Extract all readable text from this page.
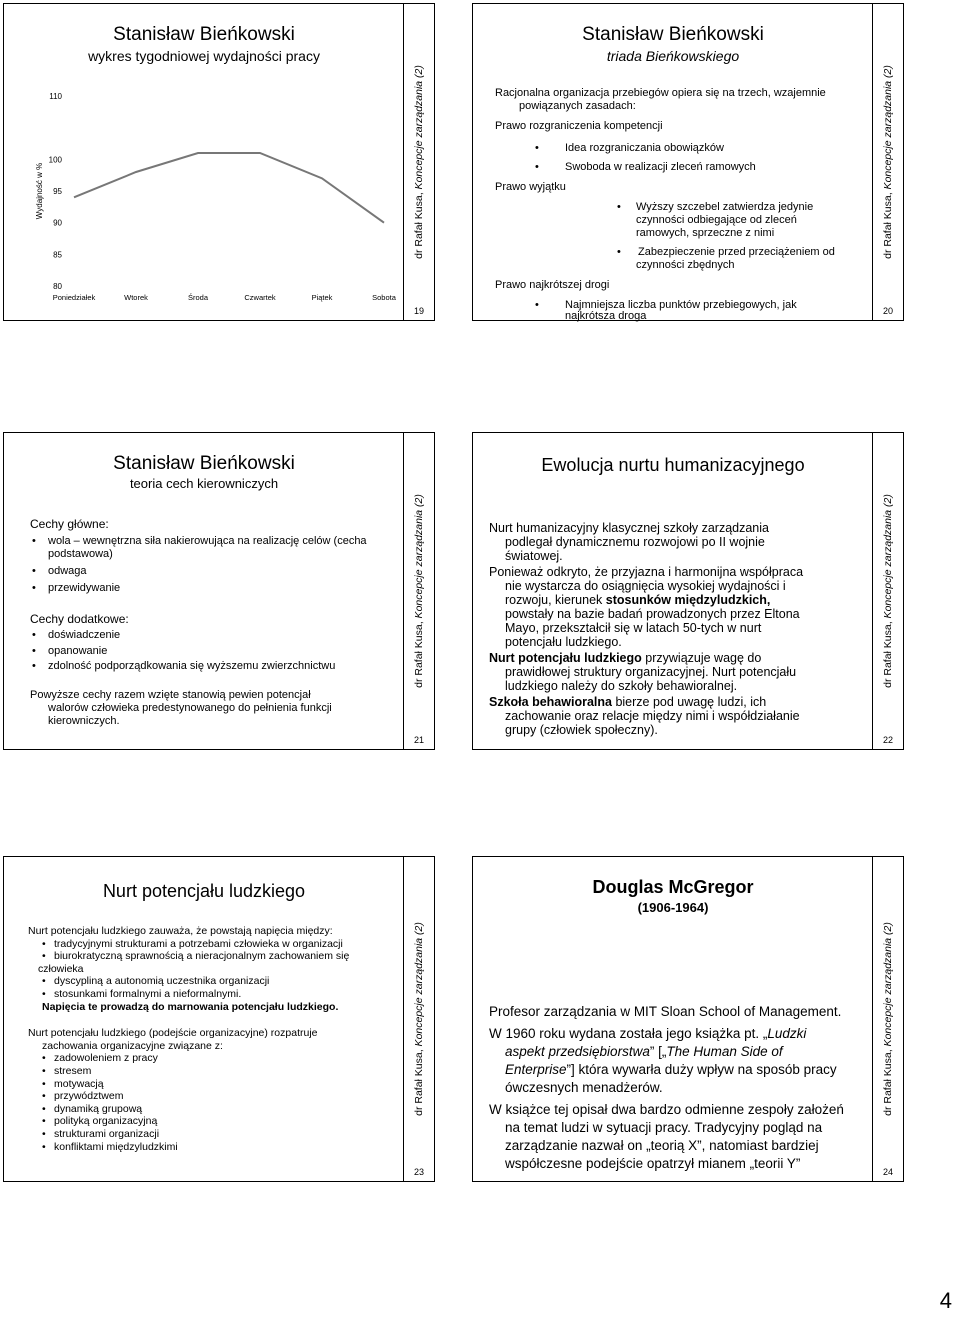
Stanisław Bieńkowski
wykres tygodniowej wydajności pracy
110
100
95
90
85
80
Wydajność w %
Poniedziałek	Wtorek	Środa	Czwartek	Piątek	Sobota
dr Rafał Kusa, Koncepcje zarządzania (2)
19
Stanisław Bieńkowski
triada Bieńkowskiego
Racjonalna organizacja przebiegów opiera się na trzech, wzajemnie
powiązanych zasadach:
Prawo rozgraniczenia kompetencji
• Idea rozgraniczania obowiązków
• Swoboda w realizacji zleceń ramowych
Prawo wyjątku
• Wyższy szczebel zatwierdza jedynie
czynności odbiegające od zleceń
ramowych, sprzeczne z nimi
• Zabezpieczenie przed przeciążeniem od
czynności zbędnych
Prawo najkrótszej drogi
• Najmniejsza liczba punktów przebiegowych, jak
najkrótsza droga
dr Rafał Kusa, Koncepcje zarządzania (2)
20
Stanisław Bieńkowski
teoria cech kierowniczych
Cechy główne:
• wola – wewnętrzna siła nakierowująca na realizację celów (cecha
podstawowa)
• odwaga
• przewidywanie
Cechy dodatkowe:
• doświadczenie
• opanowanie
• zdolność podporządkowania się wyższemu zwierzchnictwu
Powyższe cechy razem wzięte stanowią pewien potencjał
walorów człowieka predestynowanego do pełnienia funkcji
kierowniczych.
dr Rafał Kusa, Koncepcje zarządzania (2)
21
Ewolucja nurtu humanizacyjnego
Nurt humanizacyjny klasycznej szkoły zarządzania
podlegał dynamicznemu rozwojowi po II wojnie
światowej.
Ponieważ odkryto, że przyjazna i harmonijna współpraca
nie wystarcza do osiągnięcia wysokiej wydajności i
rozwoju, kierunek stosunków międzyludzkich,
powstały na bazie badań prowadzonych przez Eltona
Mayo, przekształcił się w latach 50-tych w nurt
potencjału ludzkiego.
Nurt potencjału ludzkiego przywiązuje wagę do
prawidłowej struktury organizacyjnej. Nurt potencjału
ludzkiego należy do szkoły behawioralnej.
Szkoła behawioralna bierze pod uwagę ludzi, ich
zachowanie oraz relacje między nimi i współdziałanie
grupy (człowiek społeczny).
dr Rafał Kusa, Koncepcje zarządzania (2)
22
Nurt potencjału ludzkiego
Nurt potencjału ludzkiego zauważa, że powstają napięcia między:
• tradycyjnymi strukturami a potrzebami człowieka w organizacji
• biurokratyczną sprawnością a nieracjonalnym zachowaniem się
człowieka
• dyscypliną a autonomią uczestnika organizacji
• stosunkami formalnymi a nieformalnymi.
Napięcia te prowadzą do marnowania potencjału ludzkiego.
Nurt potencjału ludzkiego (podejście organizacyjne) rozpatruje
zachowania organizacyjne związane z:
• zadowoleniem z pracy
• stresem
• motywacją
• przywództwem
• dynamiką grupową
• polityką organizacyjną
• strukturami organizacji
• konfliktami międzyludzkimi
dr Rafał Kusa, Koncepcje zarządzania (2)
23
Douglas McGregor
(1906-1964)
Profesor zarządzania w MIT Sloan School of Management.
W 1960 roku wydana została jego książka pt. „Ludzki
aspekt przedsiębiorstwa” [„The Human Side of
Enterprise”] która wywarła duży wpływ na sposób pracy
ówczesnych menadżerów.
W książce tej opisał dwa bardzo odmienne zespoły założeń
na temat ludzi w sytuacji pracy. Tradycyjny pogląd na
zarządzanie nazwał on „teorią X”, natomiast bardziej
współczesne podejście opatrzył mianem „teorii Y”
dr Rafał Kusa, Koncepcje zarządzania (2)
24
4
